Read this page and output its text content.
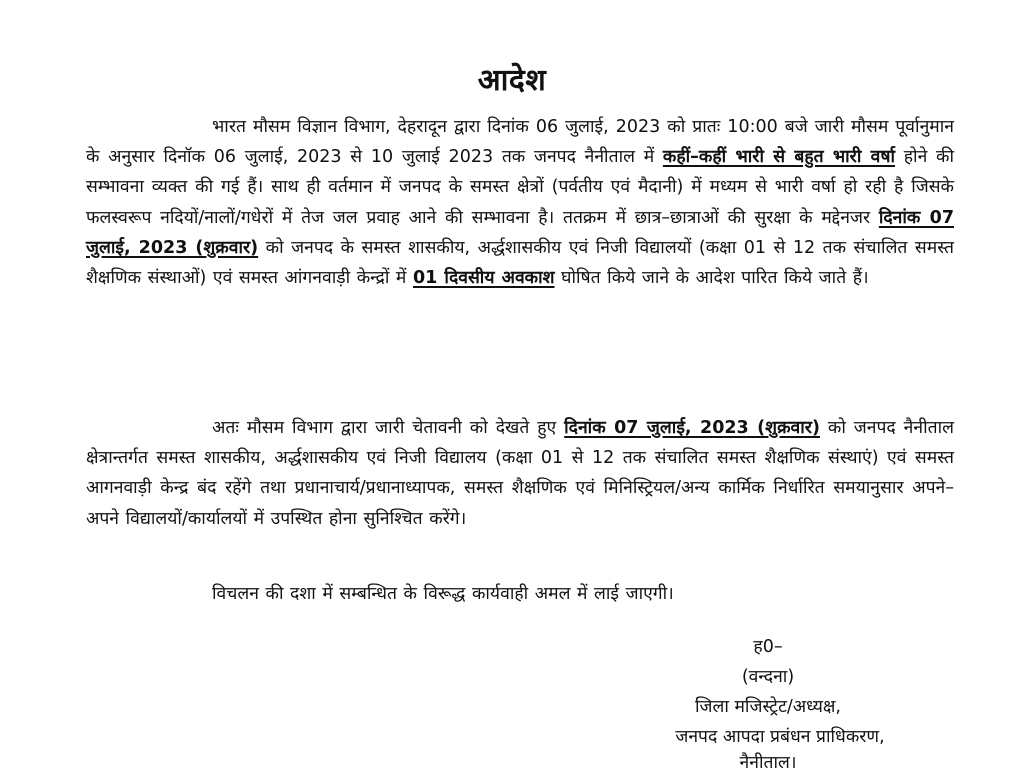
आदेश
भारत मौसम विज्ञान विभाग, देहरादून द्वारा दिनांक 06 जुलाई, 2023 को प्रातः 10:00 बजे जारी मौसम पूर्वानुमान के अनुसार दिनॉक 06 जुलाई, 2023 से 10 जुलाई 2023 तक जनपद नैनीताल में कहीं–कहीं भारी से बहुत भारी वर्षा होने की सम्भावना व्यक्त की गई हैं। साथ ही वर्तमान में जनपद के समस्त क्षेत्रों (पर्वतीय एवं मैदानी) में मध्यम से भारी वर्षा हो रही है जिसके फलस्वरूप नदियों/नालों/गधेरों में तेज जल प्रवाह आने की सम्भावना है। ततक्रम में छात्र–छात्राओं की सुरक्षा के मद्देनजर दिनांक 07 जुलाई, 2023 (शुक्रवार) को जनपद के समस्त शासकीय, अर्द्धशासकीय एवं निजी विद्यालयों (कक्षा 01 से 12 तक संचालित समस्त शैक्षणिक संस्थाओं) एवं समस्त आंगनवाड़ी केन्द्रों में 01 दिवसीय अवकाश घोषित किये जाने के आदेश पारित किये जाते हैं।
अतः मौसम विभाग द्वारा जारी चेतावनी को देखते हुए दिनांक 07 जुलाई, 2023 (शुक्रवार) को जनपद नैनीताल क्षेत्रान्तर्गत समस्त शासकीय, अर्द्धशासकीय एवं निजी विद्यालय (कक्षा 01 से 12 तक संचालित समस्त शैक्षणिक संस्थाएं) एवं समस्त आगनवाड़ी केन्द्र बंद रहेंगे तथा प्रधानाचार्य/प्रधानाध्यापक, समस्त शैक्षणिक एवं मिनिस्ट्रियल/अन्य कार्मिक निर्धारित समयानुसार अपने–अपने विद्यालयों/कार्यालयों में उपस्थित होना सुनिश्चित करेंगे।
विचलन की दशा में सम्बन्धित के विरूद्ध कार्यवाही अमल में लाई जाएगी।
ह0–
(वन्दना)
जिला मजिस्ट्रेट/अध्यक्ष,
जनपद आपदा प्रबंधन प्राधिकरण,
नैनीताल।
